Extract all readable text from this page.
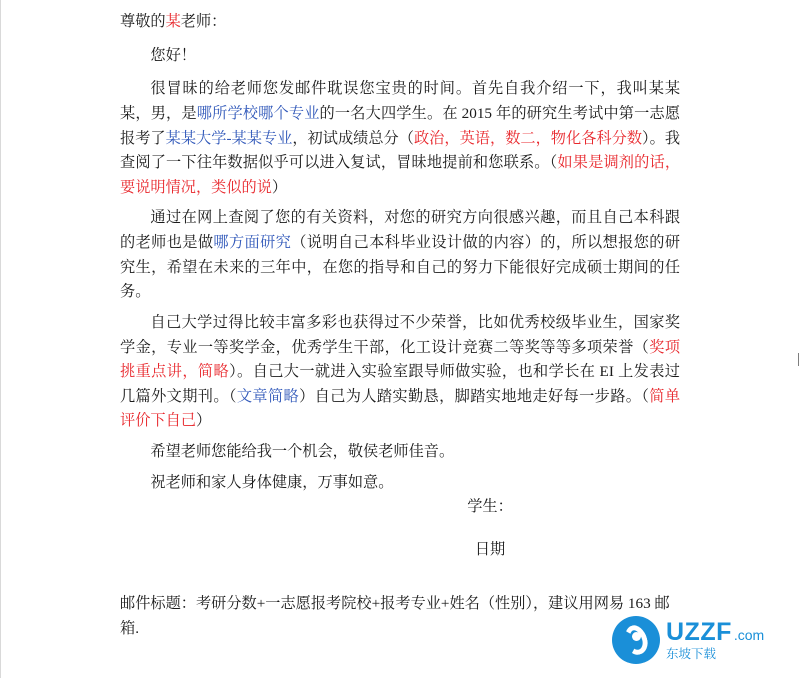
尊敬的某老师：

您好！

很冒昧的给老师您发邮件耽误您宝贵的时间。首先自我介绍一下，我叫某某某，男，是哪所学校哪个专业的一名大四学生。在 2015 年的研究生考试中第一志愿报考了某某大学-某某专业，初试成绩总分（政治，英语，数二，物化各科分数）。我查阅了一下往年数据似乎可以进入复试，冒昧地提前和您联系。（如果是调剂的话，要说明情况，类似的说）

通过在网上查阅了您的有关资料，对您的研究方向很感兴趣，而且自己本科跟的老师也是做哪方面研究（说明自己本科毕业设计做的内容）的，所以想报您的研究生，希望在未来的三年中，在您的指导和自己的努力下能很好完成硕士期间的任务。

自己大学过得比较丰富多彩也获得过不少荣誉，比如优秀校级毕业生，国家奖学金，专业一等奖学金，优秀学生干部，化工设计竞赛二等奖等等多项荣誉（奖项挑重点讲，简略）。自己大一就进入实验室跟导师做实验，也和学长在 EI 上发表过几篇外文期刊。（文章简略）自己为人踏实勤恳，脚踏实地地走好每一步路。（简单评价下自己）

希望老师您能给我一个机会，敬侯老师佳音。

祝老师和家人身体健康，万事如意。

学生：

日期

邮件标题：考研分数+一志愿报考院校+报考专业+姓名（性别），建议用网易 163 邮箱.
|
UZZF .com
东坡下载
